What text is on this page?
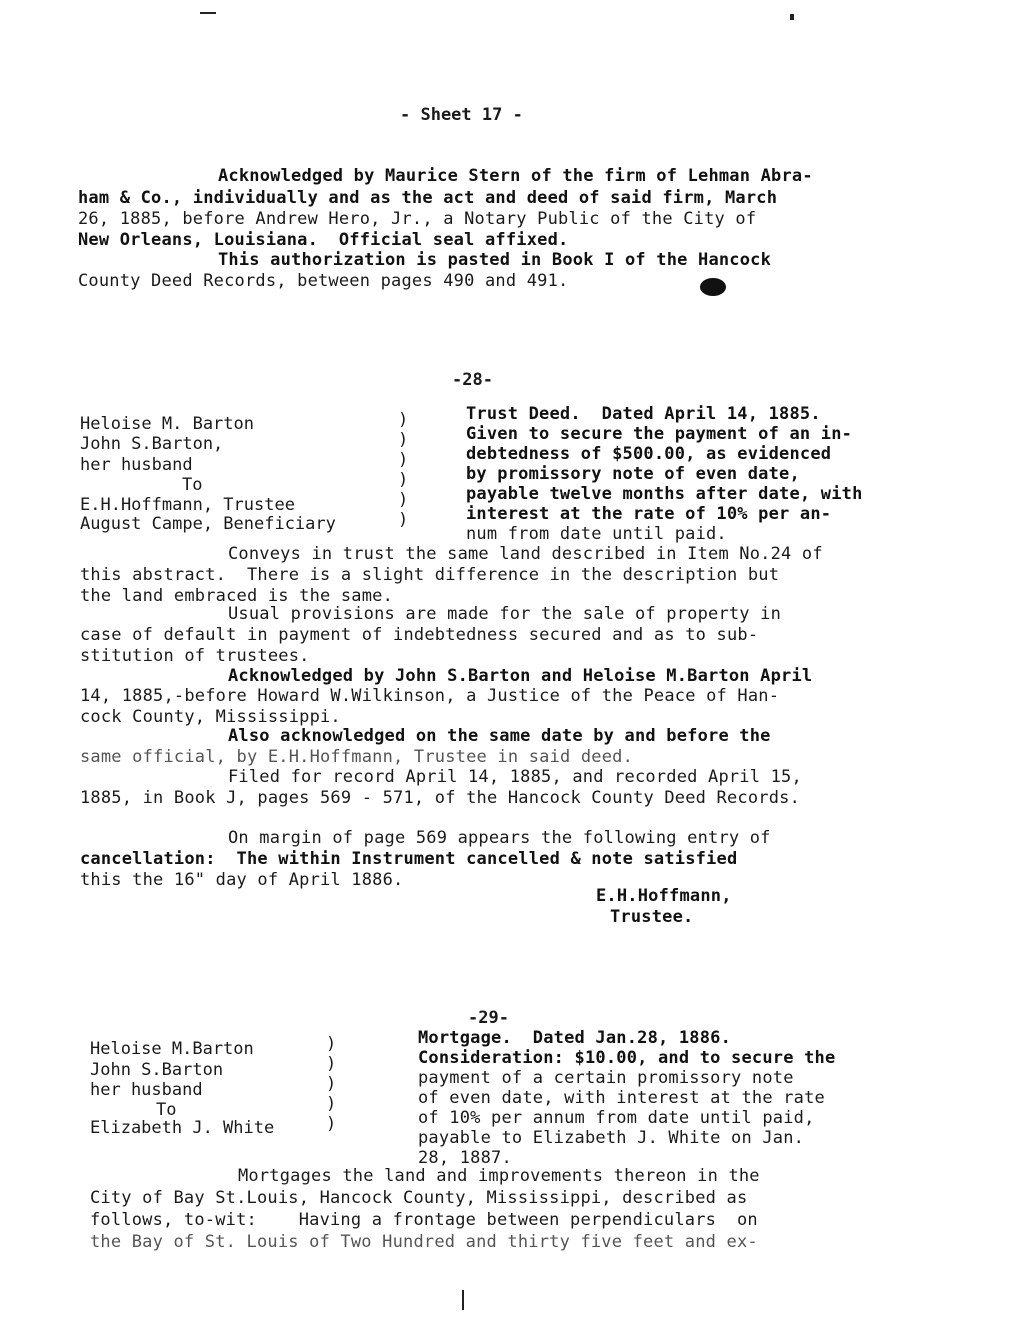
- Sheet 17 -
Acknowledged by Maurice Stern of the firm of Lehman Abra-
ham & Co., individually and as the act and deed of said firm, March
26, 1885, before Andrew Hero, Jr., a Notary Public of the City of
New Orleans, Louisiana.  Official seal affixed.
This authorization is pasted in Book I of the Hancock
County Deed Records, between pages 490 and 491.
-28-
Heloise M. Barton
John S.Barton,
her husband
To
E.H.Hoffmann, Trustee
August Campe, Beneficiary
)
)
)
)
)
)
Trust Deed.  Dated April 14, 1885.
Given to secure the payment of an in-
debtedness of $500.00, as evidenced
by promissory note of even date,
payable twelve months after date, with
interest at the rate of 10% per an-
num from date until paid.
Conveys in trust the same land described in Item No.24 of
this abstract.  There is a slight difference in the description but
the land embraced is the same.
Usual provisions are made for the sale of property in
case of default in payment of indebtedness secured and as to sub-
stitution of trustees.
Acknowledged by John S.Barton and Heloise M.Barton April
14, 1885,-before Howard W.Wilkinson, a Justice of the Peace of Han-
cock County, Mississippi.
Also acknowledged on the same date by and before the
same official, by E.H.Hoffmann, Trustee in said deed.
Filed for record April 14, 1885, and recorded April 15,
1885, in Book J, pages 569 - 571, of the Hancock County Deed Records.
On margin of page 569 appears the following entry of
cancellation:  The within Instrument cancelled & note satisfied
this the 16" day of April 1886.
E.H.Hoffmann,
Trustee.
-29-
Heloise M.Barton
John S.Barton
her husband
To
Elizabeth J. White
)
)
)
)
)
Mortgage.  Dated Jan.28, 1886.
Consideration: $10.00, and to secure the
payment of a certain promissory note
of even date, with interest at the rate
of 10% per annum from date until paid,
payable to Elizabeth J. White on Jan.
28, 1887.
Mortgages the land and improvements thereon in the
City of Bay St.Louis, Hancock County, Mississippi, described as
follows, to-wit:    Having a frontage between perpendiculars  on
the Bay of St. Louis of Two Hundred and thirty five feet and ex-
